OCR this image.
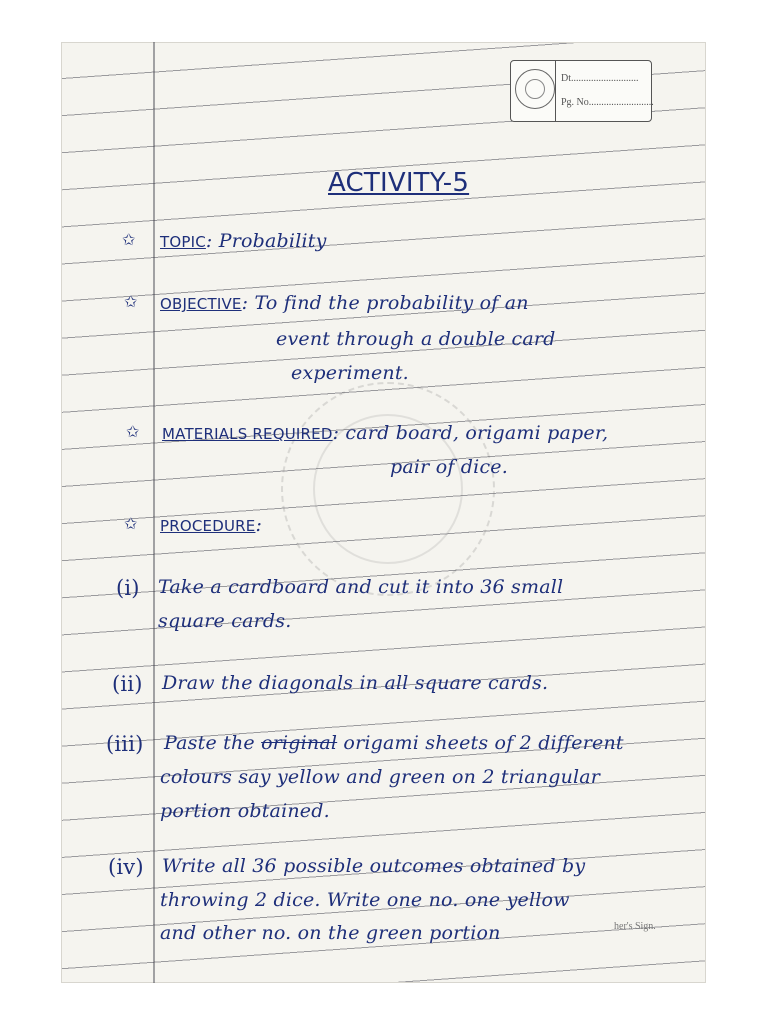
Dt...........................
Pg. No..........................
ACTIVITY-5
✩ TOPIC: Probability
✩ OBJECTIVE: To find the probability of an
event through a double card
experiment.
✩ MATERIALS REQUIRED: card board, origami paper,
pair of dice.
✩ PROCEDURE:
(i) Take a cardboard and cut it into 36 small
square cards.
(ii) Draw the diagonals in all square cards.
(iii) Paste the original origami sheets of 2 different
colours say yellow and green on 2 triangular
portion obtained.
(iv) Write all 36 possible outcomes obtained by
throwing 2 dice. Write one no. one yellow
and other no. on the green portion	her's Sign.
